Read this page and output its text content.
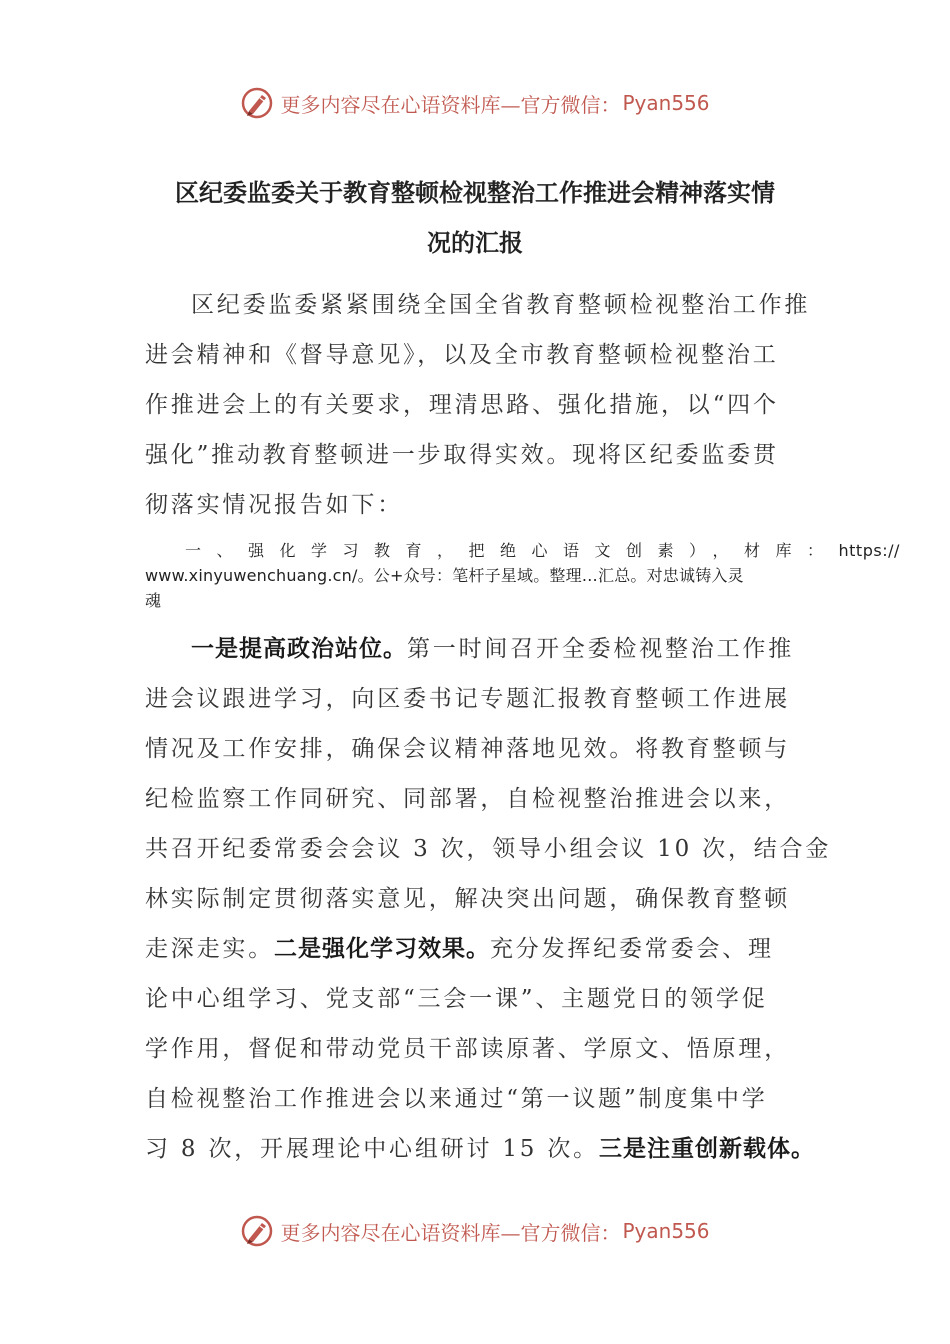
更多内容尽在心语资料库—官方微信： Pyan556
区纪委监委关于教育整顿检视整治工作推进会精神落实情
况的汇报
区纪委监委紧紧围绕全国全省教育整顿检视整治工作推
进会精神和《督导意见》，以及全市教育整顿检视整治工
作推进会上的有关要求，理清思路、强化措施，以“四个
强化”推动教育整顿进一步取得实效。现将区纪委监委贯
彻落实情况报告如下：
一、强化学习教育，把绝心语文创素），材库：https://
www.xinyuwenchuang.cn/。公+众号：笔杆子星域。整理…汇总。对忠诚铸入灵
魂
一是提高政治站位。第一时间召开全委检视整治工作推
进会议跟进学习，向区委书记专题汇报教育整顿工作进展
情况及工作安排，确保会议精神落地见效。将教育整顿与
纪检监察工作同研究、同部署，自检视整治推进会以来，
共召开纪委常委会会议 3 次，领导小组会议 10 次，结合金
林实际制定贯彻落实意见，解决突出问题，确保教育整顿
走深走实。二是强化学习效果。充分发挥纪委常委会、理
论中心组学习、党支部“三会一课”、主题党日的领学促
学作用，督促和带动党员干部读原著、学原文、悟原理，
自检视整治工作推进会以来通过“第一议题”制度集中学
习 8 次，开展理论中心组研讨 15 次。三是注重创新载体。
更多内容尽在心语资料库—官方微信： Pyan556
